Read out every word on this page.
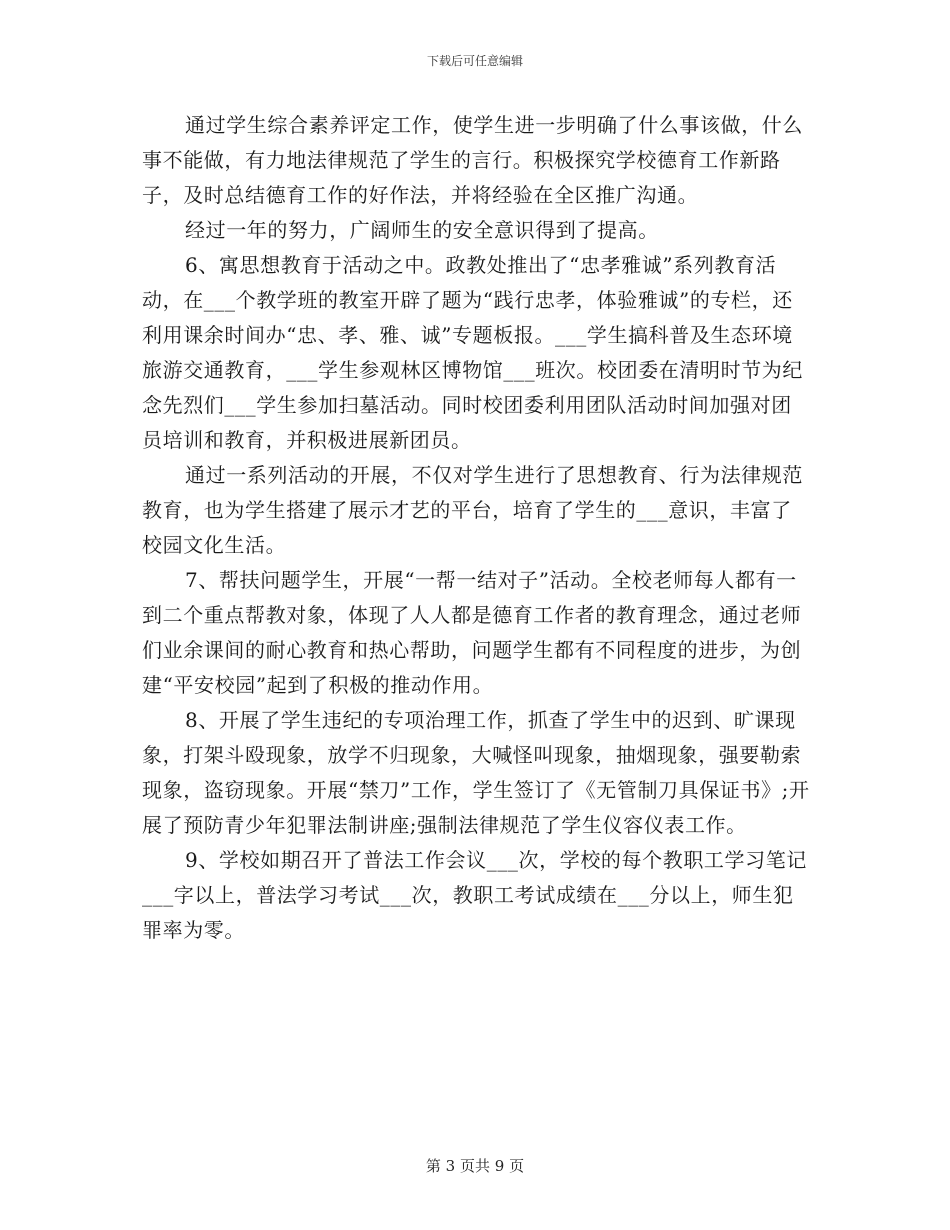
下载后可任意编辑

通过学生综合素养评定工作，使学生进一步明确了什么事该做，什么事不能做，有力地法律规范了学生的言行。积极探究学校德育工作新路子，及时总结德育工作的好作法，并将经验在全区推广沟通。

经过一年的努力，广阔师生的安全意识得到了提高。

6、寓思想教育于活动之中。政教处推出了“忠孝雅诚”系列教育活动，在___个教学班的教室开辟了题为“践行忠孝，体验雅诚”的专栏，还利用课余时间办“忠、孝、雅、诚”专题板报。___学生搞科普及生态环境旅游交通教育，___学生参观林区博物馆___班次。校团委在清明时节为纪念先烈们___学生参加扫墓活动。同时校团委利用团队活动时间加强对团员培训和教育，并积极进展新团员。

通过一系列活动的开展，不仅对学生进行了思想教育、行为法律规范教育，也为学生搭建了展示才艺的平台，培育了学生的___意识，丰富了校园文化生活。

7、帮扶问题学生，开展“一帮一结对子”活动。全校老师每人都有一到二个重点帮教对象，体现了人人都是德育工作者的教育理念，通过老师们业余课间的耐心教育和热心帮助，问题学生都有不同程度的进步，为创建“平安校园”起到了积极的推动作用。

8、开展了学生违纪的专项治理工作，抓查了学生中的迟到、旷课现象，打架斗殴现象，放学不归现象，大喊怪叫现象，抽烟现象，强要勒索现象，盗窃现象。开展“禁刀”工作，学生签订了《无管制刀具保证书》;开展了预防青少年犯罪法制讲座;强制法律规范了学生仪容仪表工作。

9、学校如期召开了普法工作会议___次，学校的每个教职工学习笔记___字以上，普法学习考试___次，教职工考试成绩在___分以上，师生犯罪率为零。

第 3 页共 9 页
